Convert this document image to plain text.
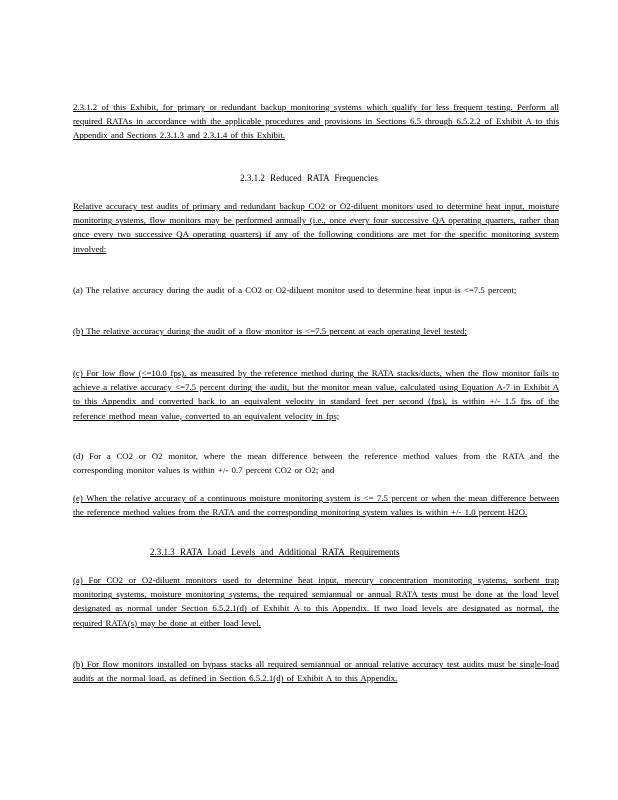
2.3.1.2 of this Exhibit, for primary or redundant backup monitoring systems which qualify for less frequent testing. Perform all required RATAs in accordance with the applicable procedures and provisions in Sections 6.5 through 6.5.2.2 of Exhibit A to this Appendix and Sections 2.3.1.3 and 2.3.1.4 of this Exhibit.
2.3.1.2 Reduced RATA Frequencies
Relative accuracy test audits of primary and redundant backup CO2 or O2-diluent monitors used to determine heat input, moisture monitoring systems, flow monitors may be performed annually (i.e., once every four successive QA operating quarters, rather than once every two successive QA operating quarters) if any of the following conditions are met for the specific monitoring system involved:
(a) The relative accuracy during the audit of a CO2 or O2-diluent monitor used to determine heat input is <=7.5 percent;
(b) The relative accuracy during the audit of a flow monitor is <=7.5 percent at each operating level tested;
(c) For low flow (<=10.0 fps), as measured by the reference method during the RATA stacks/ducts, when the flow monitor fails to achieve a relative accuracy <=7.5 percent during the audit, but the monitor mean value, calculated using Equation A-7 in Exhibit A to this Appendix and converted back to an equivalent velocity in standard feet per second (fps), is within +/- 1.5 fps of the reference method mean value, converted to an equivalent velocity in fps;
(d) For a CO2 or O2 monitor, where the mean difference between the reference method values from the RATA and the corresponding monitor values is within +/- 0.7 percent CO2 or O2; and
(e) When the relative accuracy of a continuous moisture monitoring system is <= 7.5 percent or when the mean difference between the reference method values from the RATA and the corresponding monitoring system values is within +/- 1.0 percent H2O.
2.3.1.3 RATA Load Levels and Additional RATA Requirements
(a) For CO2 or O2-diluent monitors used to determine heat input, mercury concentration monitoring systems, sorbent trap monitoring systems, moisture monitoring systems, the required semiannual or annual RATA tests must be done at the load level designated as normal under Section 6.5.2.1(d) of Exhibit A to this Appendix. If two load levels are designated as normal, the required RATA(s) may be done at either load level.
(b) For flow monitors installed on bypass stacks all required semiannual or annual relative accuracy test audits must be single-load audits at the normal load, as defined in Section 6.5.2.1(d) of Exhibit A to this Appendix.
